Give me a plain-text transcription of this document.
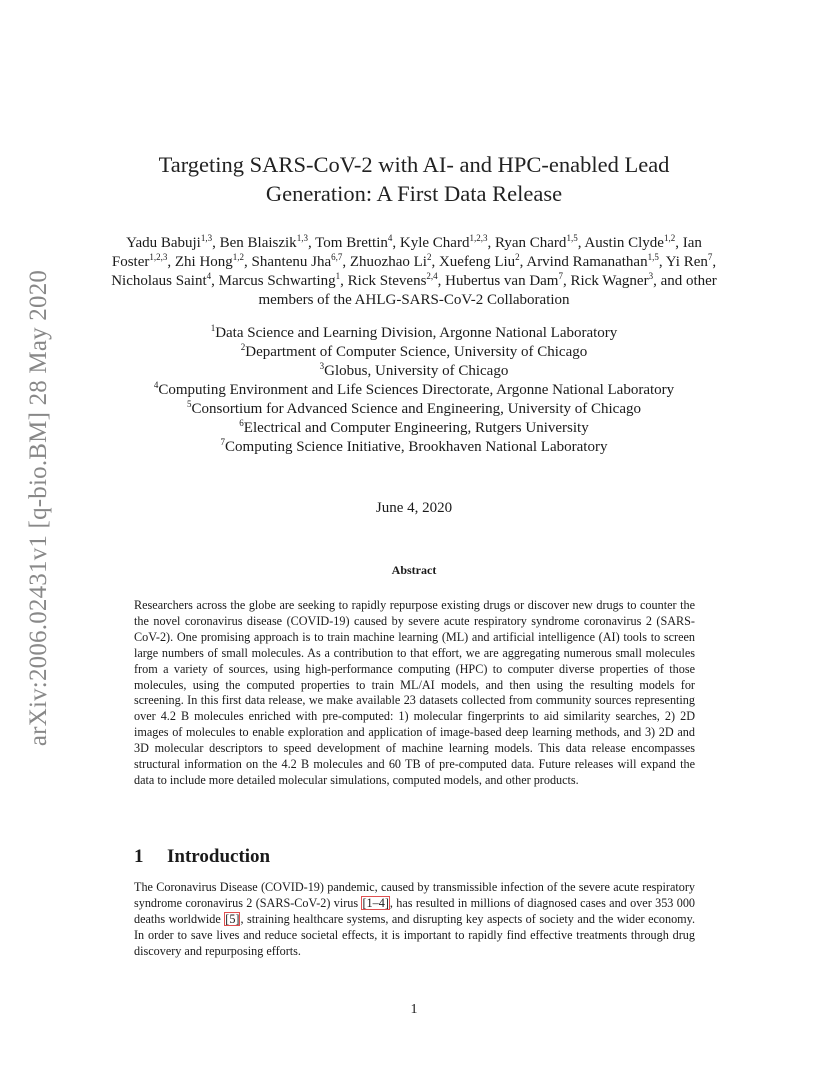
arXiv:2006.02431v1 [q-bio.BM] 28 May 2020
Targeting SARS-CoV-2 with AI- and HPC-enabled Lead Generation: A First Data Release
Yadu Babuji$^{1,3}$, Ben Blaiszik$^{1,3}$, Tom Brettin$^4$, Kyle Chard$^{1,2,3}$, Ryan Chard$^{1,5}$, Austin Clyde$^{1,2}$, Ian Foster$^{1,2,3}$, Zhi Hong$^{1,2}$, Shantenu Jha$^{6,7}$, Zhuozhao Li$^2$, Xuefeng Liu$^2$, Arvind Ramanathan$^{1,5}$, Yi Ren$^7$, Nicholaus Saint$^4$, Marcus Schwarting$^1$, Rick Stevens$^{2,4}$, Hubertus van Dam$^7$, Rick Wagner$^3$, and other members of the AHLG-SARS-CoV-2 Collaboration
$^1$Data Science and Learning Division, Argonne National Laboratory
$^2$Department of Computer Science, University of Chicago
$^3$Globus, University of Chicago
$^4$Computing Environment and Life Sciences Directorate, Argonne National Laboratory
$^5$Consortium for Advanced Science and Engineering, University of Chicago
$^6$Electrical and Computer Engineering, Rutgers University
$^7$Computing Science Initiative, Brookhaven National Laboratory
June 4, 2020
Abstract
Researchers across the globe are seeking to rapidly repurpose existing drugs or discover new drugs to counter the the novel coronavirus disease (COVID-19) caused by severe acute respiratory syndrome coronavirus 2 (SARS-CoV-2). One promising approach is to train machine learning (ML) and artificial intelligence (AI) tools to screen large numbers of small molecules. As a contribution to that effort, we are aggregating numerous small molecules from a variety of sources, using high-performance computing (HPC) to computer diverse properties of those molecules, using the computed properties to train ML/AI models, and then using the resulting models for screening. In this first data release, we make available 23 datasets collected from community sources representing over 4.2 B molecules enriched with pre-computed: 1) molecular fingerprints to aid similarity searches, 2) 2D images of molecules to enable exploration and application of image-based deep learning methods, and 3) 2D and 3D molecular descriptors to speed development of machine learning models. This data release encompasses structural information on the 4.2 B molecules and 60 TB of pre-computed data. Future releases will expand the data to include more detailed molecular simulations, computed models, and other products.
1 Introduction
The Coronavirus Disease (COVID-19) pandemic, caused by transmissible infection of the severe acute respiratory syndrome coronavirus 2 (SARS-CoV-2) virus [1–4], has resulted in millions of diagnosed cases and over 353 000 deaths worldwide [5], straining healthcare systems, and disrupting key aspects of society and the wider economy. In order to save lives and reduce societal effects, it is important to rapidly find effective treatments through drug discovery and repurposing efforts.
1
